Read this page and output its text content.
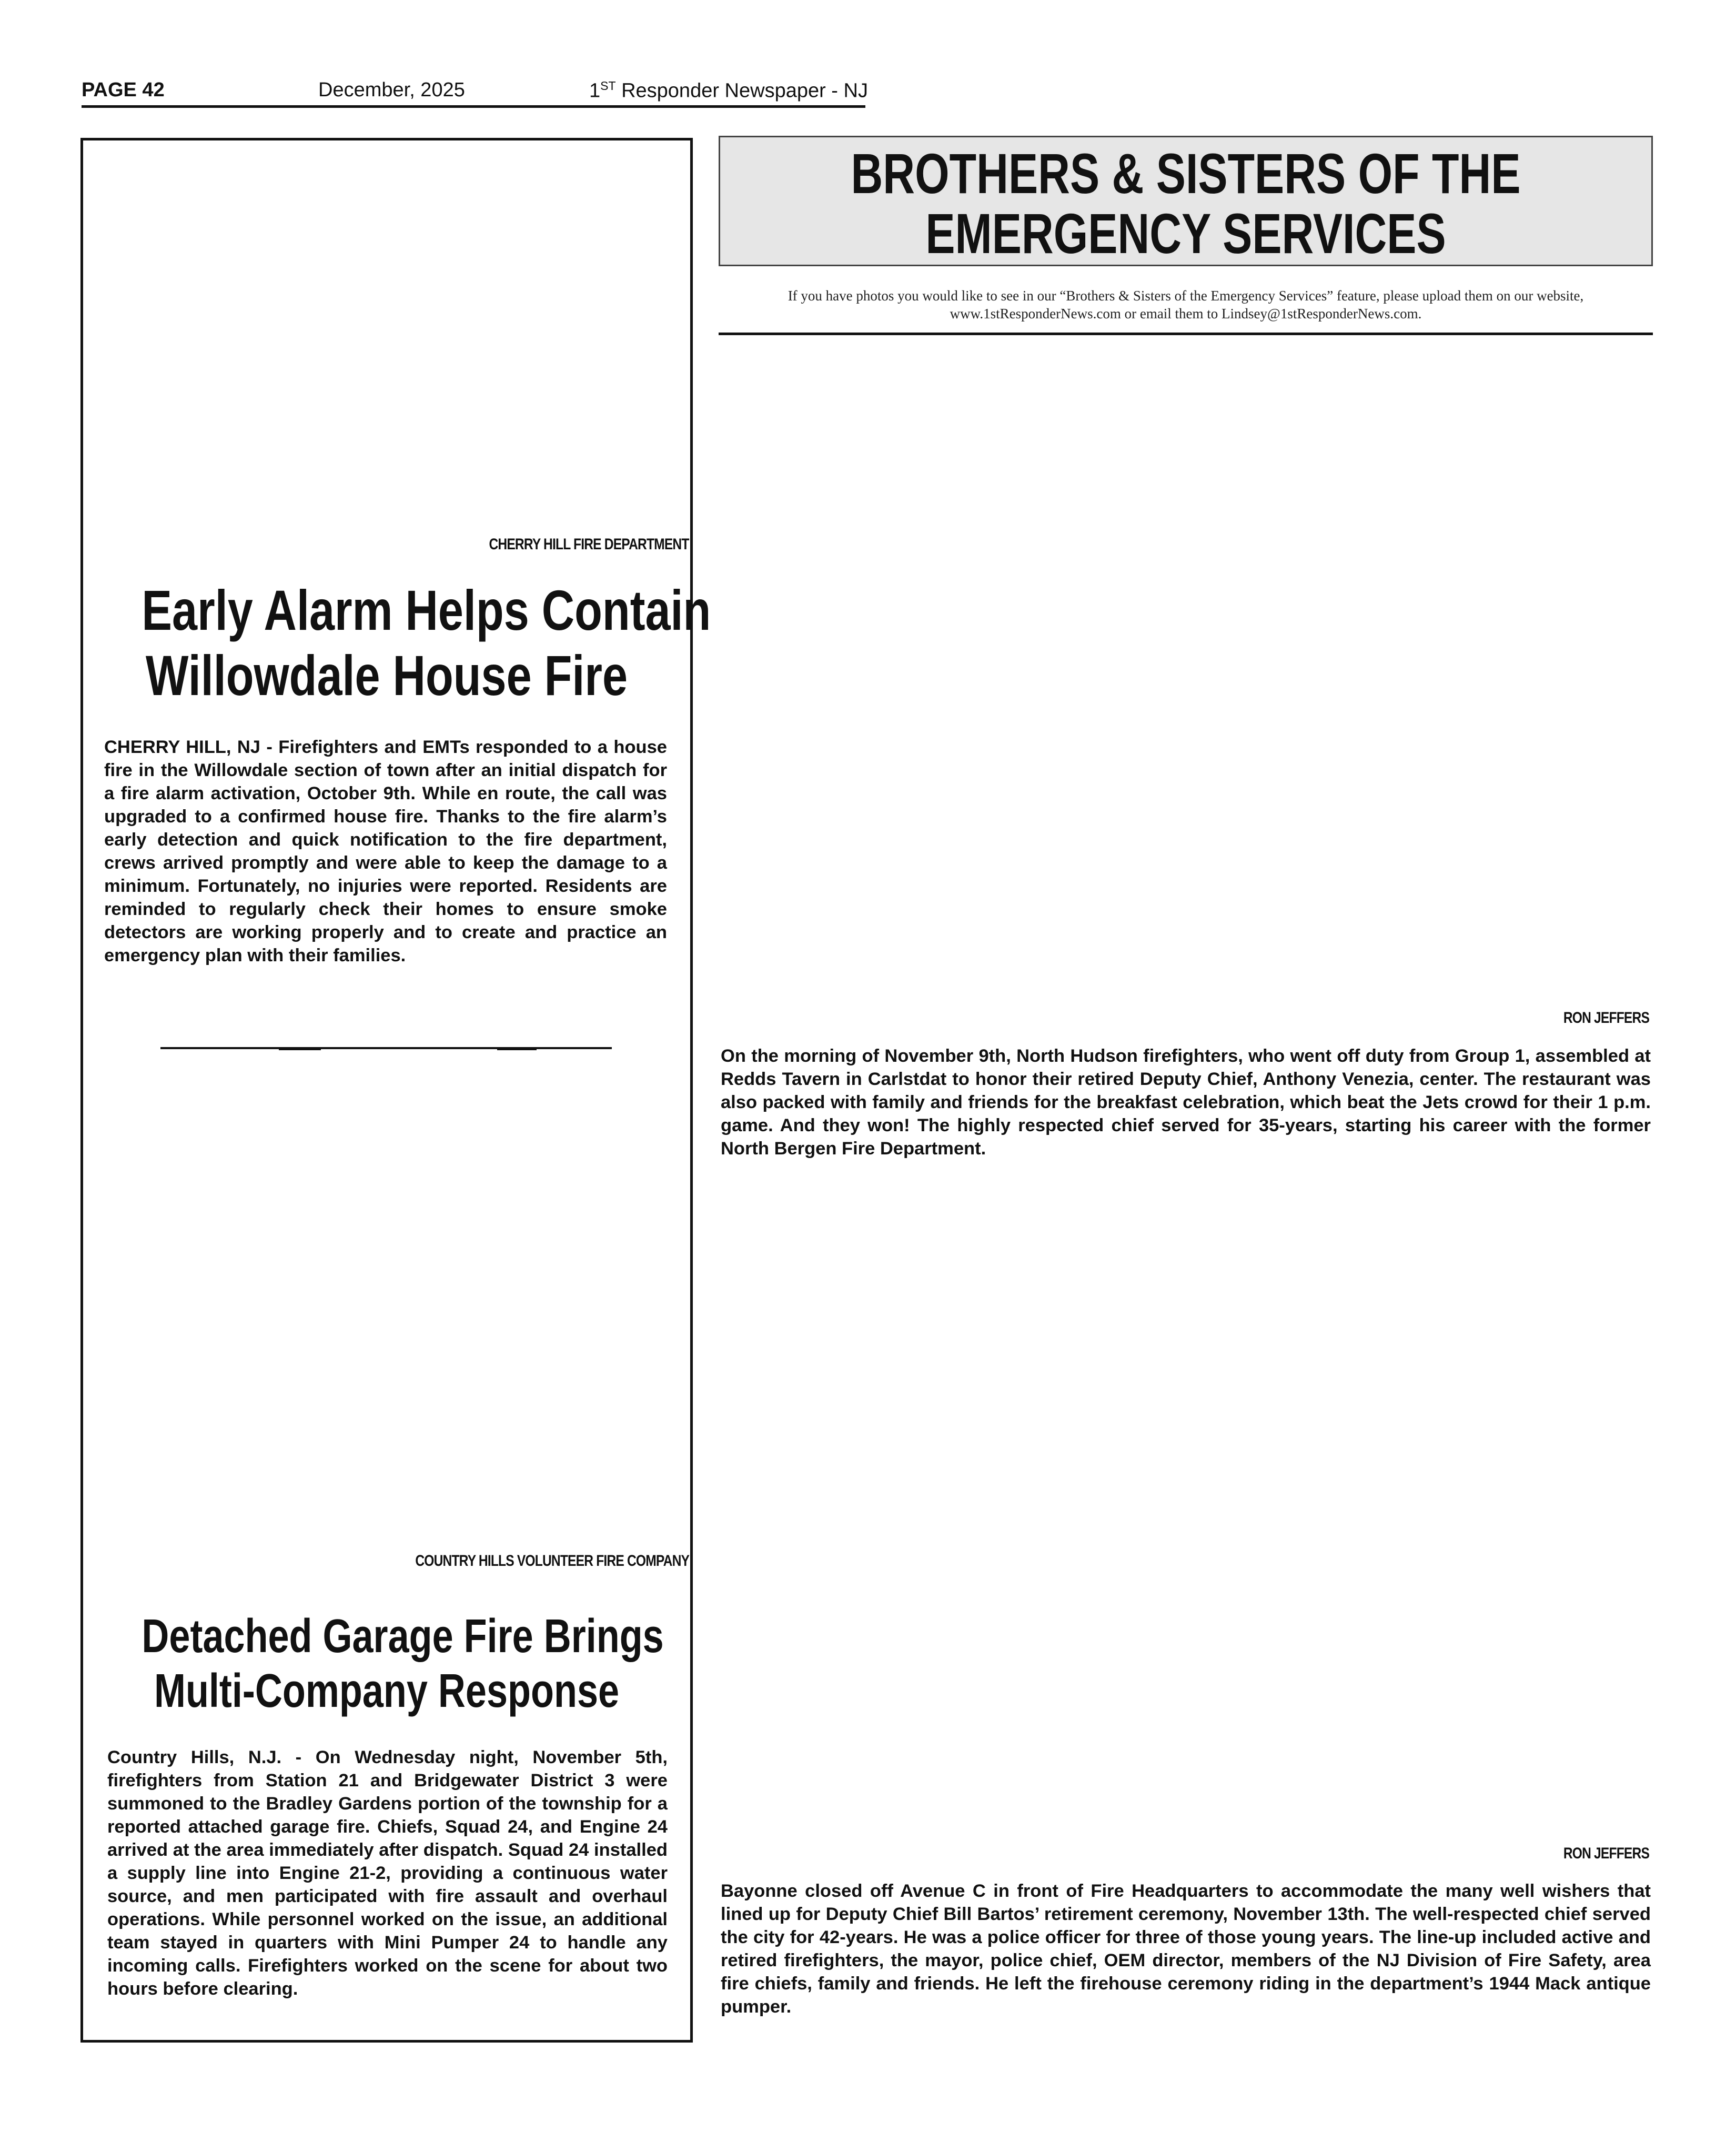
PAGE 42	December, 2025	1ST Responder Newspaper - NJ
CHERRY HILL FIRE DEPARTMENT
Early Alarm Helps Contain
Willowdale House Fire
CHERRY HILL, NJ - Firefighters and EMTs responded to a house fire in the Willowdale section of town after an initial dispatch for a fire alarm activation, October 9th. While en route, the call was upgraded to a confirmed house fire. Thanks to the fire alarm’s early detection and quick notification to the fire department, crews arrived promptly and were able to keep the damage to a minimum. Fortunately, no injuries were reported. Residents are reminded to regularly check their homes to ensure smoke detectors are working properly and to create and practice an emergency plan with their families.
COUNTRY HILLS VOLUNTEER FIRE COMPANY
Detached Garage Fire Brings
Multi-Company Response
Country Hills, N.J. - On Wednesday night, November 5th, firefighters from Station 21 and Bridgewater District 3 were summoned to the Bradley Gardens portion of the township for a reported attached garage fire. Chiefs, Squad 24, and Engine 24 arrived at the area immediately after dispatch. Squad 24 installed a supply line into Engine 21-2, providing a continuous water source, and men participated with fire assault and overhaul operations. While personnel worked on the issue, an additional team stayed in quarters with Mini Pumper 24 to handle any incoming calls. Firefighters worked on the scene for about two hours before clearing.
BROTHERS & SISTERS OF THE
EMERGENCY SERVICES
If you have photos you would like to see in our “Brothers & Sisters of the Emergency Services” feature, please upload them on our website,
www.1stResponderNews.com or email them to Lindsey@1stResponderNews.com.
RON JEFFERS
On the morning of November 9th, North Hudson firefighters, who went off duty from Group 1, assembled at Redds Tavern in Carlstdat to honor their retired Deputy Chief, Anthony Venezia, center. The restaurant was also packed with family and friends for the breakfast celebration, which beat the Jets crowd for their 1 p.m. game. And they won! The highly respected chief served for 35-years, starting his career with the former North Bergen Fire Department.
RON JEFFERS
Bayonne closed off Avenue C in front of Fire Headquarters to accommodate the many well wishers that lined up for Deputy Chief Bill Bartos’ retirement ceremony, November 13th. The well-respected chief served the city for 42-years. He was a police officer for three of those young years. The line-up included active and retired firefighters, the mayor, police chief, OEM director, members of the NJ Division of Fire Safety, area fire chiefs, family and friends. He left the firehouse ceremony riding in the department’s 1944 Mack antique pumper.
